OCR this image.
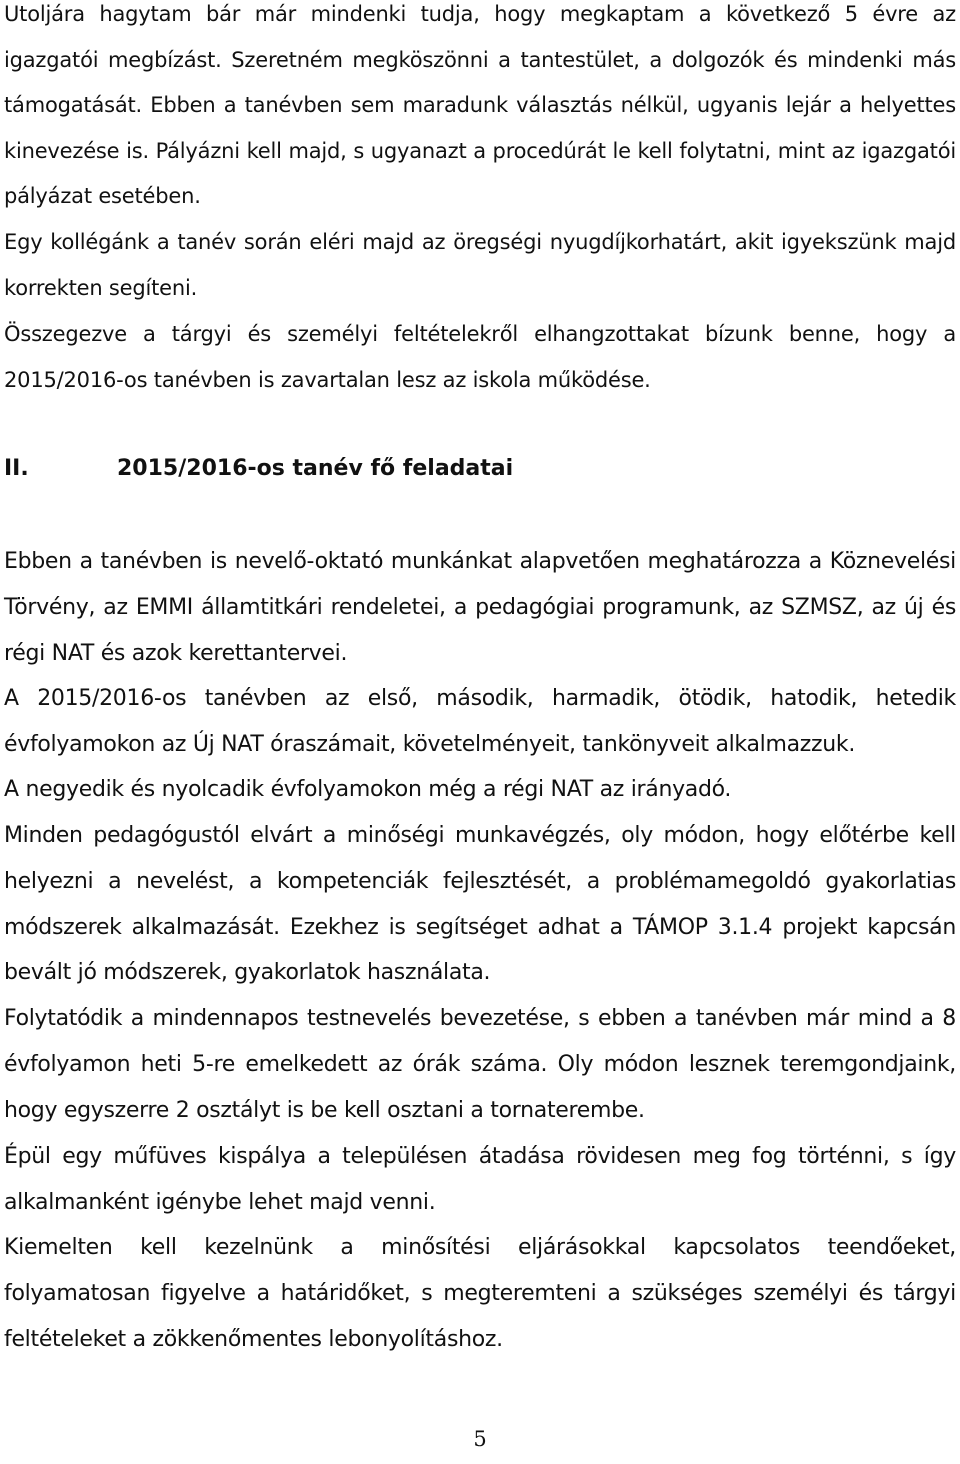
Utoljára hagytam bár már mindenki tudja, hogy megkaptam a következő 5 évre az igazgatói megbízást. Szeretném megköszönni a tantestület, a dolgozók és mindenki más támogatását. Ebben a tanévben sem maradunk választás nélkül, ugyanis lejár a helyettes kinevezése is. Pályázni kell majd, s ugyanazt a procedúrát le kell folytatni, mint az igazgatói pályázat esetében.

Egy kollégánk a tanév során eléri majd az öregségi nyugdíjkorhatárt, akit igyekszünk majd korrekten segíteni.

Összegezve a tárgyi és személyi feltételekről elhangzottakat bízunk benne, hogy a 2015/2016-os tanévben is zavartalan lesz az iskola működése.

II.	2015/2016-os tanév fő feladatai

Ebben a tanévben is nevelő-oktató munkánkat alapvetően meghatározza a Köznevelési Törvény, az EMMI államtitkári rendeletei, a pedagógiai programunk, az SZMSZ, az új és régi NAT és azok kerettantervei.

A 2015/2016-os tanévben az első, második, harmadik, ötödik, hatodik, hetedik évfolyamokon az Új NAT óraszámait, követelményeit, tankönyveit alkalmazzuk.

A negyedik és nyolcadik évfolyamokon még a régi NAT az irányadó.

Minden pedagógustól elvárt a minőségi munkavégzés, oly módon, hogy előtérbe kell helyezni a nevelést, a kompetenciák fejlesztését, a problémamegoldó gyakorlatias módszerek alkalmazását. Ezekhez is segítséget adhat a TÁMOP 3.1.4 projekt kapcsán bevált jó módszerek, gyakorlatok használata.

Folytatódik a mindennapos testnevelés bevezetése, s ebben a tanévben már mind a 8 évfolyamon heti 5-re emelkedett az órák száma. Oly módon lesznek teremgondjaink, hogy egyszerre 2 osztályt is be kell osztani a tornaterembe.

Épül egy műfüves kispálya a településen átadása rövidesen meg fog történni, s így alkalmanként igénybe lehet majd venni.

Kiemelten kell kezelnünk a minősítési eljárásokkal kapcsolatos teendőeket, folyamatosan figyelve a határidőket, s megteremteni a szükséges személyi és tárgyi feltételeket a zökkenőmentes lebonyolításhoz.

5
